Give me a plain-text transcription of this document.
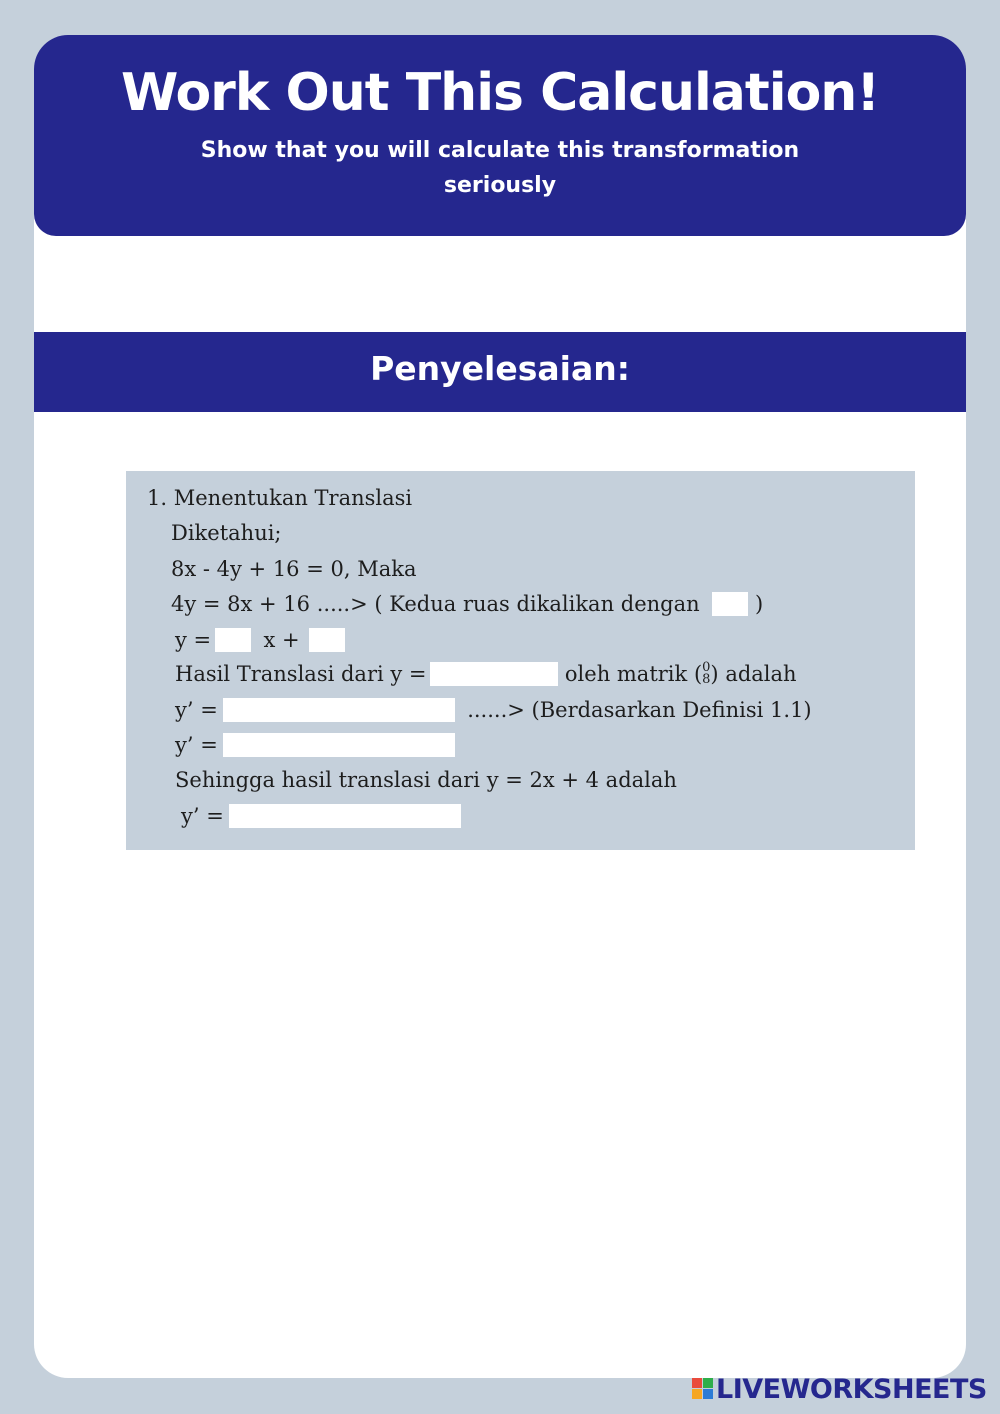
Work Out This Calculation!
Show that you will calculate this transformation seriously
Penyelesaian:
1. Menentukan Translasi
Diketahui;
8x - 4y + 16 = 0, Maka
4y = 8x + 16 .....> ( Kedua ruas dikalikan dengan	)
y = x +
Hasil Translasi dari y =	oleh matrik ( 0
8 ) adalah
y’ =	......> (Berdasarkan Definisi 1.1)
y’ =
Sehingga hasil translasi dari y = 2x + 4 adalah
y’ =
LIVEWORKSHEETS
